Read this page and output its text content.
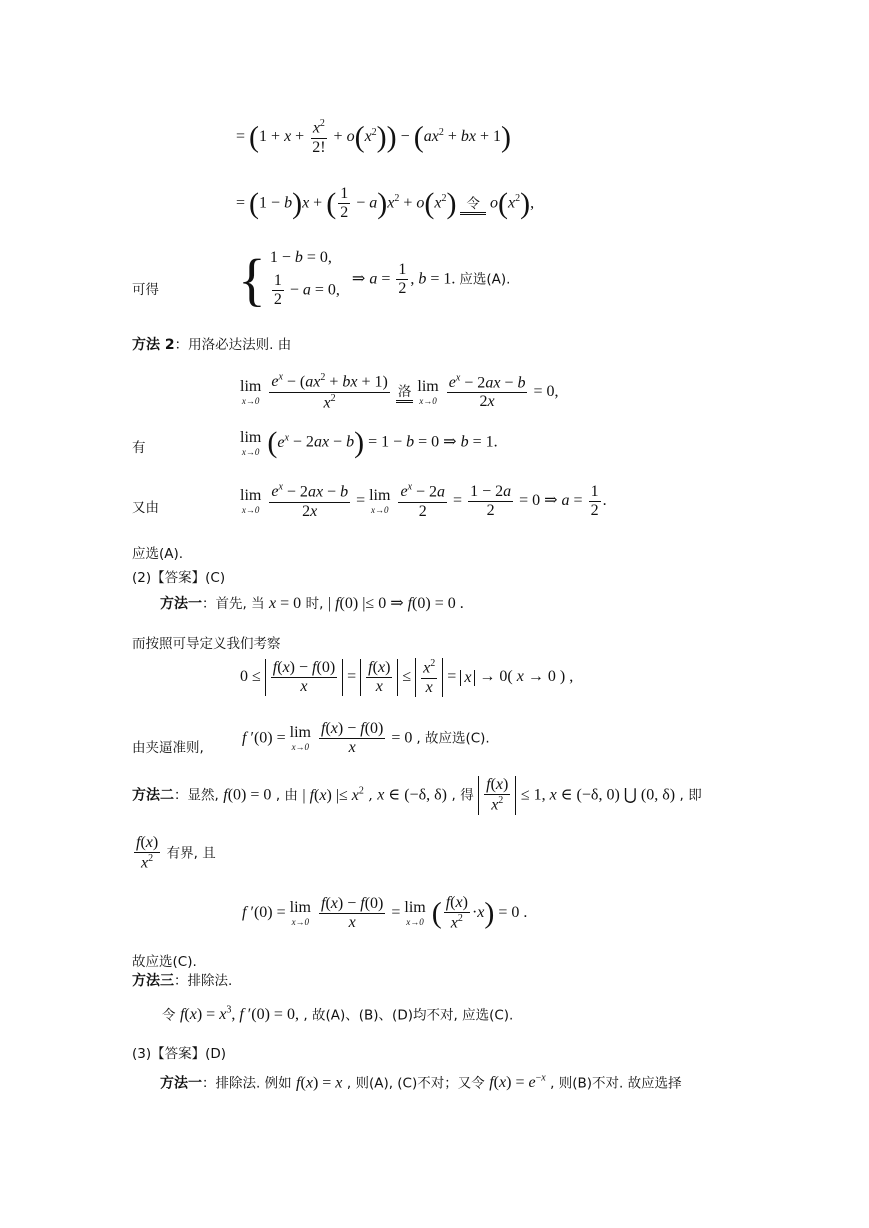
= $(1 + x + \frac{x^2}{2!} + o(x^2)) - (ax^2$ + bx + 1)
= (1 − b)x + ( $\frac{1}{2} - a)x^2 + o(x^2)$ 令 $o(x^2)$,
可得 { 1 − b = 0,
$\frac{1}{2} - a = 0$,
⇒ $a = \frac{1}{2}$ , b = 1. 应选(A).
方法 2：用洛必达法则. 由
lim
x→0
$\frac{e^x - (ax^2 + bx + 1)}{x^2}$ 洛 lim
x→0
$\frac{e^x - 2ax - b}{2x} = 0$,
有
lim
x→0 $(e^x - 2ax - b) = 1 - b = 0$ ⇒ b = 1.
又由
lim
x→0
$\frac{e^x - 2ax - b}{2x} = \lim$
x→0
$\frac{e^x - 2a}{2} = \frac{1 - 2a}{2} = 0$ ⇒ $a = \frac{1}{2}$ .
应选(A).
(2)【答案】(C)
方法一：首先, 当 x = 0 时, | f(0) |≤ 0 ⇒ f(0) = 0 .
而按照可导定义我们考察
$0 \le \frac{f(x) - f(0)}{x} = \frac{f(x)}{x} \le \frac{x^2}{x} = x \to 0$( x → 0 ) ,
由夹逼准则,
f ′(0) = lim
x→0
$\frac{f(x) - f(0)}{x} = 0$ , 故应选(C).
方法二：显然, f(0) = 0 , 由 | f(x) |≤ $x^2$ , x ∈ (−δ, δ) , 得 $\frac{f(x)}{x^2} \le 1$, x ∈ (−δ, 0) ⋃ (0, δ) , 即
$\frac{f(x)}{x^2}$ 有界, 且
f ′(0) = lim
x→0
$\frac{f(x) - f(0)}{x} = \lim$
x→0 ( $\frac{f(x)}{x^2} \cdot x) = 0$ .
故应选(C).
方法三：排除法.
令 $f(x) = x^3$, f ′(0) = 0, , 故(A)、(B)、(D)均不对, 应选(C).
(3)【答案】(D)
方法一：排除法. 例如 f(x) = x , 则(A), (C)不对；又令 $f(x) = e^{-x}$ , 则(B)不对. 故应选择
